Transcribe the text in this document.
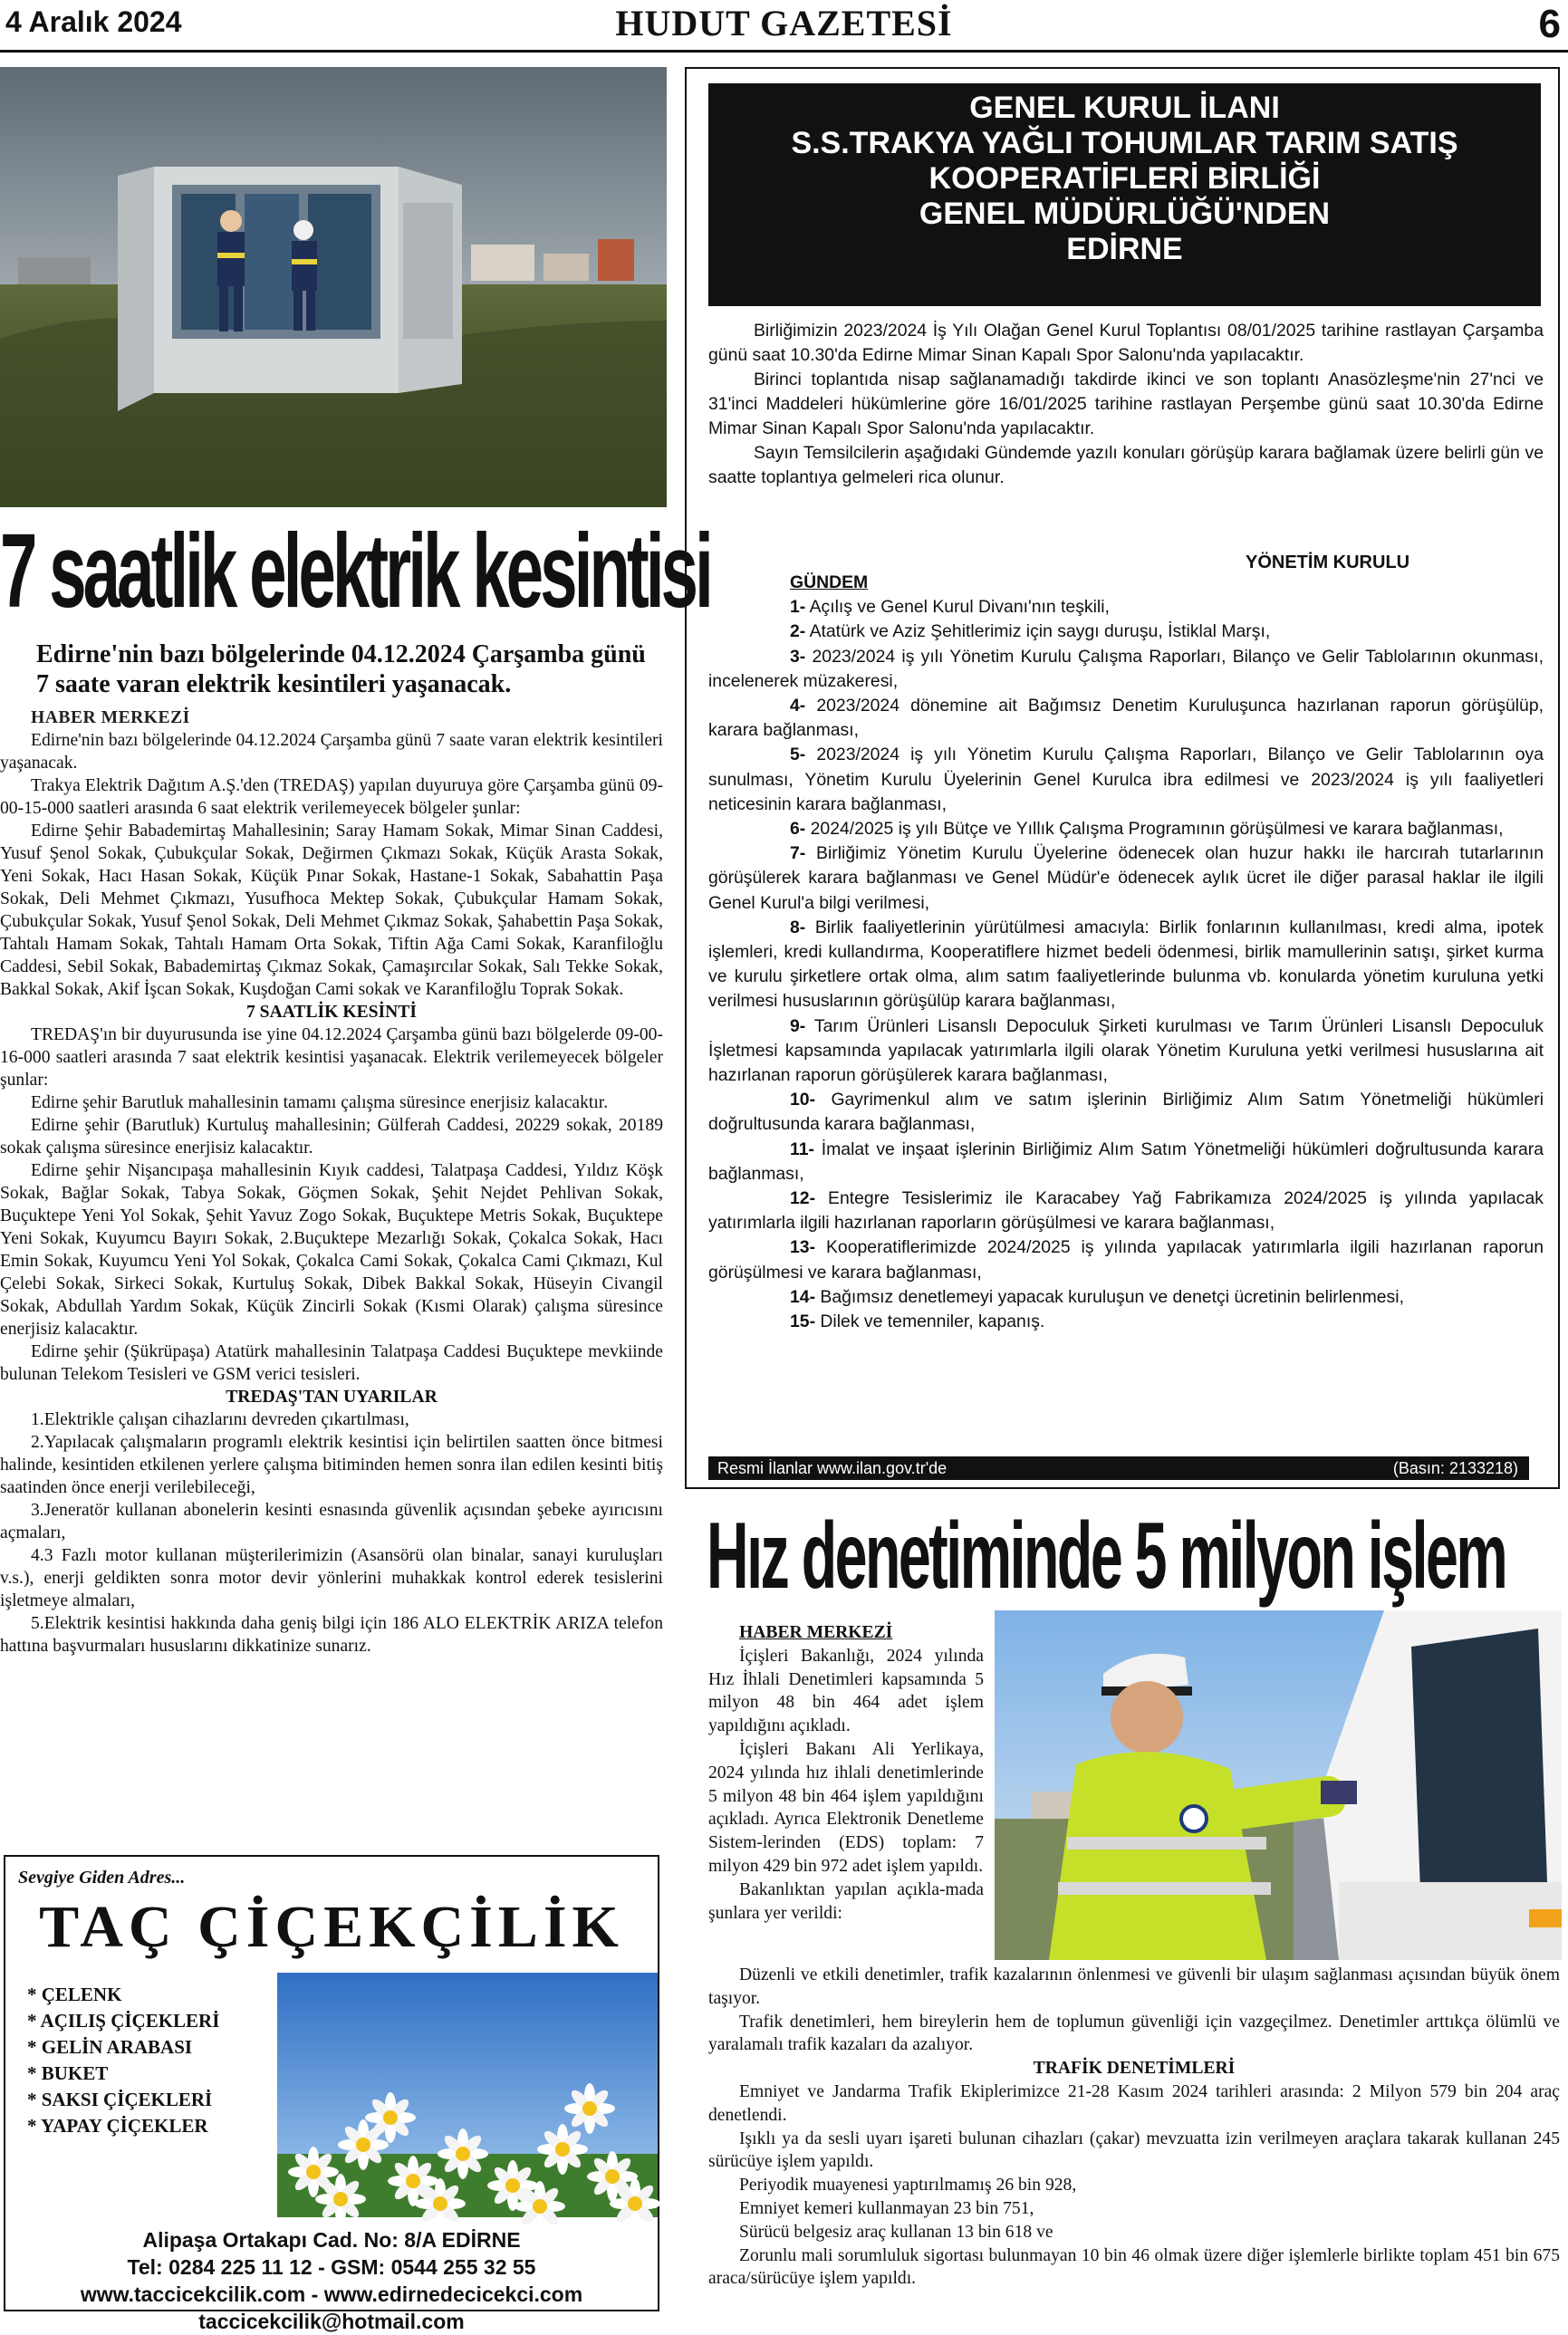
4 Aralık 2024	HUDUT GAZETESİ	6
7 saatlik elektrik kesintisi
Edirne'nin bazı bölgelerinde 04.12.2024 Çarşamba günü 7 saate varan elektrik kesintileri yaşanacak.

HABER MERKEZİ

Edirne'nin bazı bölgelerinde 04.12.2024 Çarşamba günü 7 saate varan elektrik kesintileri yaşanacak.

Trakya Elektrik Dağıtım A.Ş.'den (TREDAŞ) yapılan duyuruya göre Çarşamba günü 09-00-15-000 saatleri arasında 6 saat elektrik verilemeyecek bölgeler şunlar:

Edirne Şehir Babademirtaş Mahallesinin; Saray Hamam Sokak, Mimar Sinan Caddesi, Yusuf Şenol Sokak, Çubukçular Sokak, Değirmen Çıkmazı Sokak, Küçük Arasta Sokak, Yeni Sokak, Hacı Hasan Sokak, Küçük Pınar Sokak, Hastane-1 Sokak, Sabahattin Paşa Sokak, Deli Mehmet Çıkmazı, Yusufhoca Mektep Sokak, Çubukçular Hamam Sokak, Çubukçular Sokak, Yusuf Şenol Sokak, Deli Mehmet Çıkmaz Sokak, Şahabettin Paşa Sokak, Tahtalı Hamam Sokak, Tahtalı Hamam Orta Sokak, Tiftin Ağa Cami Sokak, Karanfiloğlu Caddesi, Sebil Sokak, Babademirtaş Çıkmaz Sokak, Çamaşırcılar Sokak, Salı Tekke Sokak, Bakkal Sokak, Akif İşcan Sokak, Kuşdoğan Cami sokak ve Karanfiloğlu Toprak Sokak.

7 SAATLİK KESİNTİ

TREDAŞ'ın bir duyurusunda ise yine 04.12.2024 Çarşamba günü bazı bölgelerde 09-00-16-000 saatleri arasında 7 saat elektrik kesintisi yaşanacak. Elektrik verilemeyecek bölgeler şunlar:

Edirne şehir Barutluk mahallesinin tamamı çalışma süresince enerjisiz kalacaktır.

Edirne şehir (Barutluk) Kurtuluş mahallesinin; Gülferah Caddesi, 20229 sokak, 20189 sokak çalışma süresince enerjisiz kalacaktır.

Edirne şehir Nişancıpaşa mahallesinin Kıyık caddesi, Talatpaşa Caddesi, Yıldız Köşk Sokak, Bağlar Sokak, Tabya Sokak, Göçmen Sokak, Şehit Nejdet Pehlivan Sokak, Buçuktepe Yeni Yol Sokak, Şehit Yavuz Zogo Sokak, Buçuktepe Metris Sokak, Buçuktepe Yeni Sokak, Kuyumcu Bayırı Sokak, 2.Buçuktepe Mezarlığı Sokak, Çokalca Sokak, Hacı Emin Sokak, Kuyumcu Yeni Yol Sokak, Çokalca Cami Sokak, Çokalca Cami Çıkmazı, Kul Çelebi Sokak, Sirkeci Sokak, Kurtuluş Sokak, Dibek Bakkal Sokak, Hüseyin Civangil Sokak, Abdullah Yardım Sokak, Küçük Zincirli Sokak (Kısmi Olarak) çalışma süresince enerjisiz kalacaktır.

Edirne şehir (Şükrüpaşa) Atatürk mahallesinin Talatpaşa Caddesi Buçuktepe mevkiinde bulunan Telekom Tesisleri ve GSM verici tesisleri.

TREDAŞ'TAN UYARILAR

1.Elektrikle çalışan cihazlarını devreden çıkartılması,

2.Yapılacak çalışmaların programlı elektrik kesintisi için belirtilen saatten önce bitmesi halinde, kesintiden etkilenen yerlere çalışma bitiminden hemen sonra ilan edilen kesinti bitiş saatinden önce enerji verilebileceği,

3.Jeneratör kullanan abonelerin kesinti esnasında güvenlik açısından şebeke ayırıcısını açmaları,

4.3 Fazlı motor kullanan müşterilerimizin (Asansörü olan binalar, sanayi kuruluşları v.s.), enerji geldikten sonra motor devir yönlerini muhakkak kontrol ederek tesislerini işletmeye almaları,

5.Elektrik kesintisi hakkında daha geniş bilgi için 186 ALO ELEKTRİK ARIZA telefon hattına başvurmaları hususlarını dikkatinize sunarız.

Sevgiye Giden Adres...
TAÇ ÇİÇEKÇİLİK
* ÇELENK
* AÇILIŞ ÇİÇEKLERİ
* GELİN ARABASI
* BUKET
* SAKSI ÇİÇEKLERİ
* YAPAY ÇİÇEKLER
Alipaşa Ortakapı Cad. No: 8/A EDİRNE
Tel: 0284 225 11 12 - GSM: 0544 255 32 55
www.taccicekcilik.com - www.edirnedecicekci.com
taccicekcilik@hotmail.com
GENEL KURUL İLANI
S.S.TRAKYA YAĞLI TOHUMLAR TARIM SATIŞ
KOOPERATİFLERİ BİRLİĞİ
GENEL MÜDÜRLÜĞÜ'NDEN
EDİRNE

Birliğimizin 2023/2024 İş Yılı Olağan Genel Kurul Toplantısı 08/01/2025 tarihine rastlayan Çarşamba günü saat 10.30'da Edirne Mimar Sinan Kapalı Spor Salonu'nda yapılacaktır.

Birinci toplantıda nisap sağlanamadığı takdirde ikinci ve son toplantı Anasözleşme'nin 27'nci ve 31'inci Maddeleri hükümlerine göre 16/01/2025 tarihine rastlayan Perşembe günü saat 10.30'da Edirne Mimar Sinan Kapalı Spor Salonu'nda yapılacaktır.

Sayın Temsilcilerin aşağıdaki Gündemde yazılı konuları görüşüp karara bağlamak üzere belirli gün ve saatte toplantıya gelmeleri rica olunur.

YÖNETİM KURULU
GÜNDEM
1- Açılış ve Genel Kurul Divanı'nın teşkili,
2- Atatürk ve Aziz Şehitlerimiz için saygı duruşu, İstiklal Marşı,
3- 2023/2024 iş yılı Yönetim Kurulu Çalışma Raporları, Bilanço ve Gelir Tablolarının okunması, incelenerek müzakeresi,
4- 2023/2024 dönemine ait Bağımsız Denetim Kuruluşunca hazırlanan raporun görüşülüp, karara bağlanması,
5- 2023/2024 iş yılı Yönetim Kurulu Çalışma Raporları, Bilanço ve Gelir Tablolarının oya sunulması, Yönetim Kurulu Üyelerinin Genel Kurulca ibra edilmesi ve 2023/2024 iş yılı faaliyetleri neticesinin karara bağlanması,
6- 2024/2025 iş yılı Bütçe ve Yıllık Çalışma Programının görüşülmesi ve karara bağlanması,
7- Birliğimiz Yönetim Kurulu Üyelerine ödenecek olan huzur hakkı ile harcırah tutarlarının görüşülerek karara bağlanması ve Genel Müdür'e ödenecek aylık ücret ile diğer parasal haklar ile ilgili Genel Kurul'a bilgi verilmesi,
8- Birlik faaliyetlerinin yürütülmesi amacıyla: Birlik fonlarının kullanılması, kredi alma, ipotek işlemleri, kredi kullandırma, Kooperatiflere hizmet bedeli ödenmesi, birlik mamullerinin satışı, şirket kurma ve kurulu şirketlere ortak olma, alım satım faaliyetlerinde bulunma vb. konularda yönetim kuruluna yetki verilmesi hususlarının görüşülüp karara bağlanması,
9- Tarım Ürünleri Lisanslı Depoculuk Şirketi kurulması ve Tarım Ürünleri Lisanslı Depoculuk İşletmesi kapsamında yapılacak yatırımlarla ilgili olarak Yönetim Kuruluna yetki verilmesi hususlarına ait hazırlanan raporun görüşülerek karara bağlanması,
10- Gayrimenkul alım ve satım işlerinin Birliğimiz Alım Satım Yönetmeliği hükümleri doğrultusunda karara bağlanması,
11- İmalat ve inşaat işlerinin Birliğimiz Alım Satım Yönetmeliği hükümleri doğrultusunda karara bağlanması,
12- Entegre Tesislerimiz ile Karacabey Yağ Fabrikamıza 2024/2025 iş yılında yapılacak yatırımlarla ilgili hazırlanan raporların görüşülmesi ve karara bağlanması,
13- Kooperatiflerimizde 2024/2025 iş yılında yapılacak yatırımlarla ilgili hazırlanan raporun görüşülmesi ve karara bağlanması,
14- Bağımsız denetlemeyi yapacak kuruluşun ve denetçi ücretinin belirlenmesi,
15- Dilek ve temenniler, kapanış.
Resmi İlanlar www.ilan.gov.tr'de	(Basın: 2133218)
Hız denetiminde 5 milyon işlem

HABER MERKEZİ

İçişleri Bakanlığı, 2024 yılında Hız İhlali Denetimleri kapsamında 5 milyon 48 bin 464 adet işlem yapıldığını açıkladı.

İçişleri Bakanı Ali Yerlikaya, 2024 yılında hız ihlali denetimlerinde 5 milyon 48 bin 464 işlem yapıldığını açıkladı. Ayrıca Elektronik Denetleme Sistem-lerinden (EDS) toplam: 7 milyon 429 bin 972 adet işlem yapıldı.

Bakanlıktan yapılan açıkla-mada şunlara yer verildi:

Düzenli ve etkili denetimler, trafik kazalarının önlenmesi ve güvenli bir ulaşım sağlanması açısından büyük önem taşıyor.

Trafik denetimleri, hem bireylerin hem de toplumun güvenliği için vazgeçilmez. Denetimler arttıkça ölümlü ve yaralamalı trafik kazaları da azalıyor.

TRAFİK DENETİMLERİ

Emniyet ve Jandarma Trafik Ekiplerimizce 21-28 Kasım 2024 tarihleri arasında: 2 Milyon 579 bin 204 araç denetlendi.

Işıklı ya da sesli uyarı işareti bulunan cihazları (çakar) mevzuatta izin verilmeyen araçlara takarak kullanan 245 sürücüye işlem yapıldı.

Periyodik muayenesi yaptırılmamış 26 bin 928,

Emniyet kemeri kullanmayan 23 bin 751,

Sürücü belgesiz araç kullanan 13 bin 618 ve

Zorunlu mali sorumluluk sigortası bulunmayan 10 bin 46 olmak üzere diğer işlemlerle birlikte toplam 451 bin 675 araca/sürücüye işlem yapıldı.
